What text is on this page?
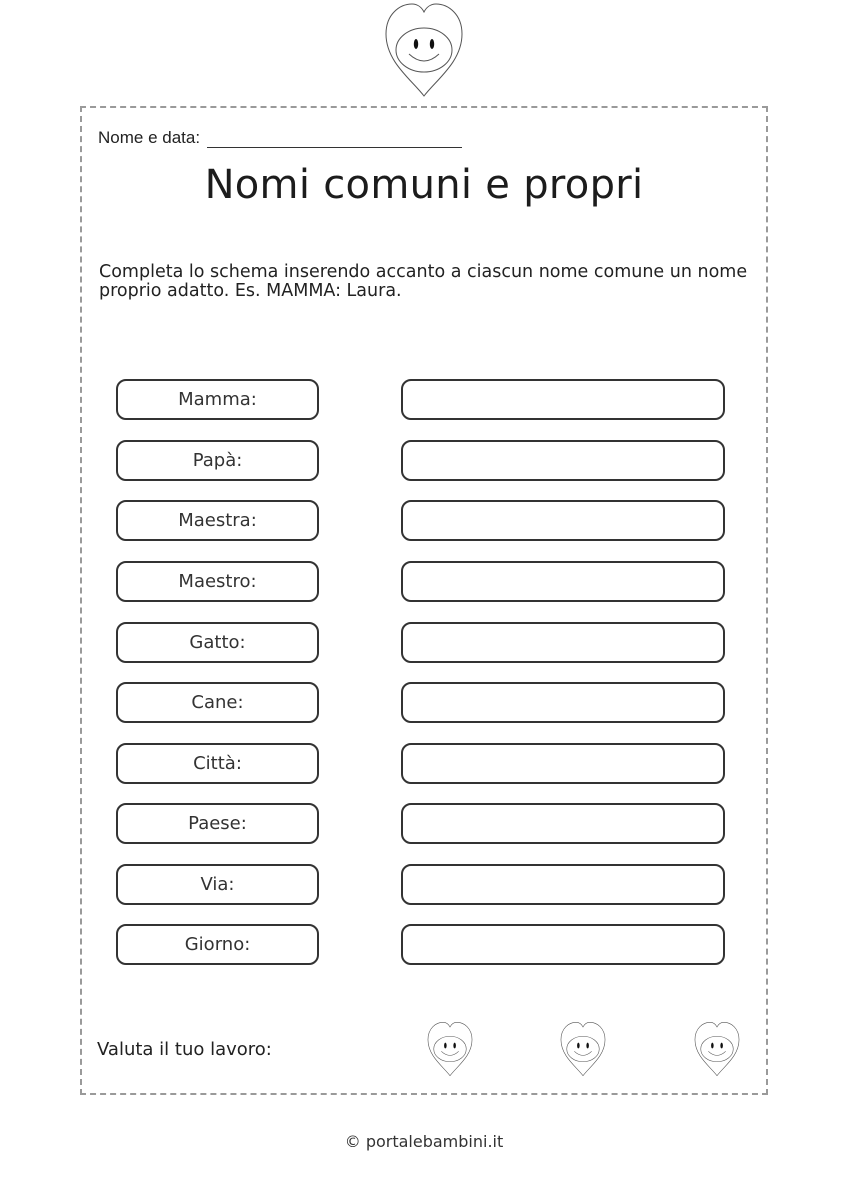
Nome e data:
Nomi comuni e propri
Completa lo schema inserendo accanto a ciascun nome comune un nome proprio adatto. Es. MAMMA: Laura.
Mamma:
Papà:
Maestra:
Maestro:
Gatto:
Cane:
Città:
Paese:
Via:
Giorno:
Valuta il tuo lavoro:
© portalebambini.it
